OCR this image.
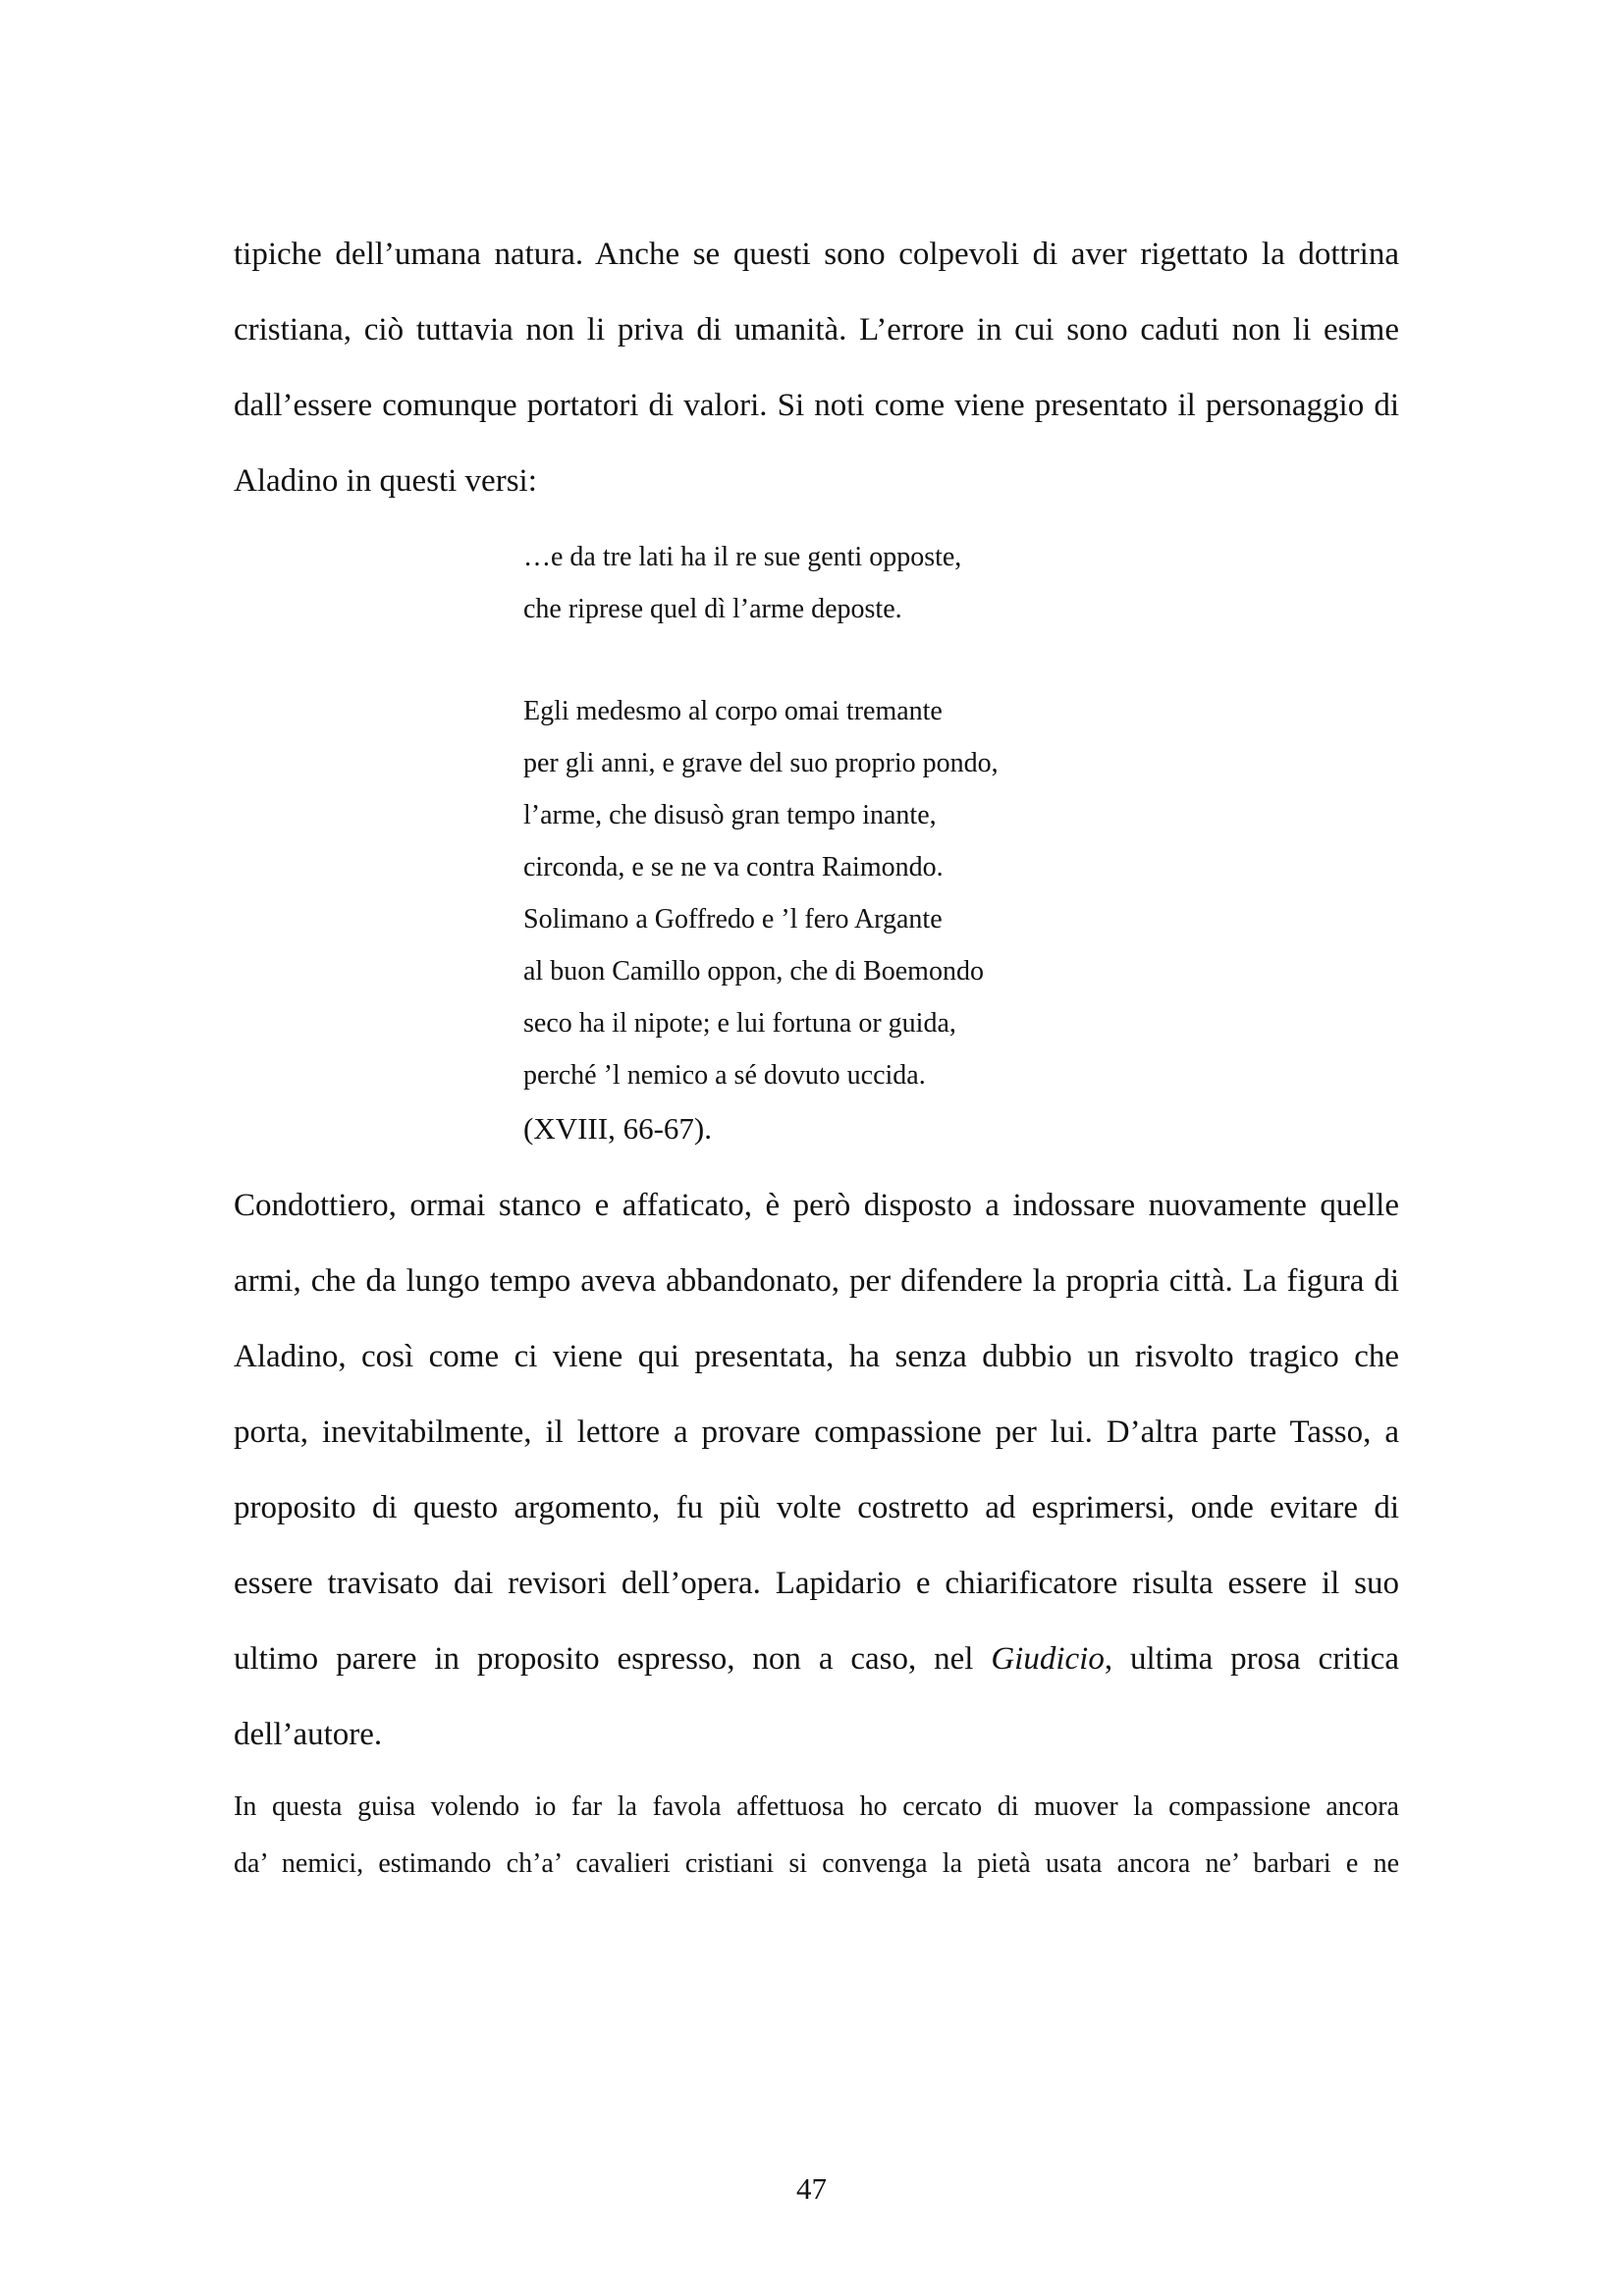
tipiche dell’umana natura. Anche se questi sono colpevoli di aver rigettato la dottrina
cristiana, ciò tuttavia non li priva di umanità. L’errore in cui sono caduti non li esime
dall’essere comunque portatori di valori. Si noti come viene presentato il personaggio di
Aladino in questi versi:
…e da tre lati ha il re sue genti opposte,
che riprese quel dì l’arme deposte.
Egli medesmo al corpo omai tremante
per gli anni, e grave del suo proprio pondo,
l’arme, che disusò gran tempo inante,
circonda, e se ne va contra Raimondo.
Solimano a Goffredo e ’l fero Argante
al buon Camillo oppon, che di Boemondo
seco ha il nipote; e lui fortuna or guida,
perché ’l nemico a sé dovuto uccida.
(XVIII, 66-67).
Condottiero, ormai stanco e affaticato, è però disposto a indossare nuovamente quelle
armi, che da lungo tempo aveva abbandonato, per difendere la propria città. La figura di
Aladino, così come ci viene qui presentata, ha senza dubbio un risvolto tragico che
porta, inevitabilmente, il lettore a provare compassione per lui. D’altra parte Tasso, a
proposito di questo argomento, fu più volte costretto ad esprimersi, onde evitare di
essere travisato dai revisori dell’opera. Lapidario e chiarificatore risulta essere il suo
ultimo parere in proposito espresso, non a caso, nel Giudicio, ultima prosa critica
dell’autore.
In questa guisa volendo io far la favola affettuosa ho cercato di muover la compassione ancora
da’ nemici, estimando ch’a’ cavalieri cristiani si convenga la pietà usata ancora ne’ barbari e ne
47
